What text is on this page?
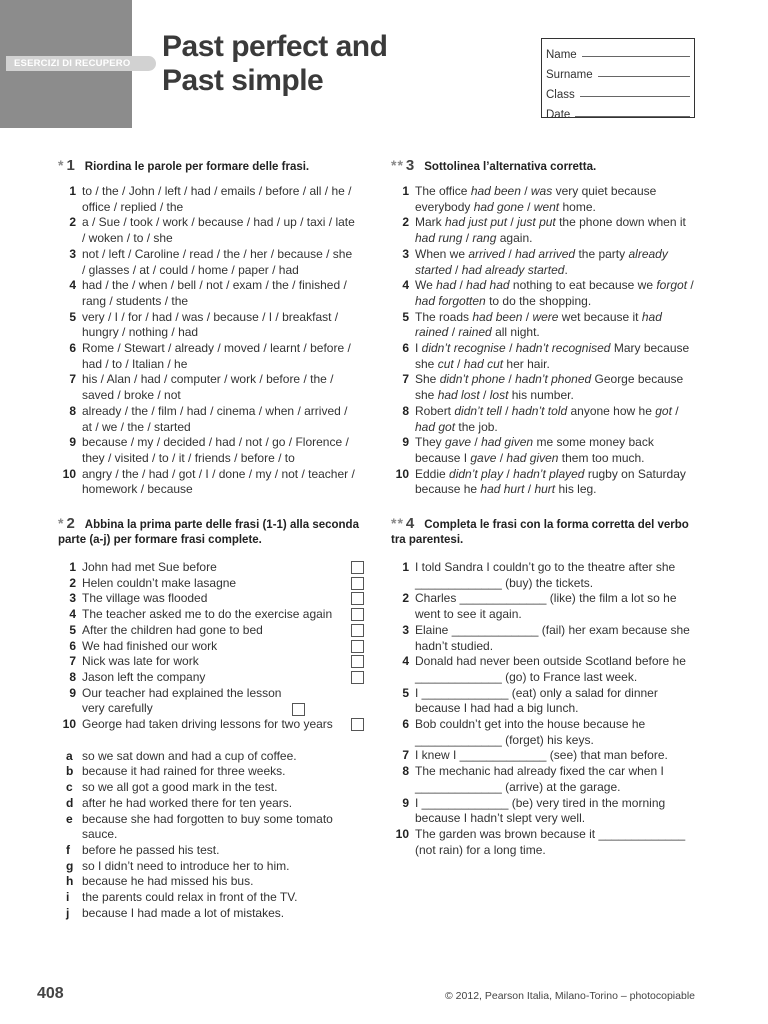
ESERCIZI DI RECUPERO
Past perfect and
Past simple
Name
Surname
Class
Date
* 1 Riordina le parole per formare delle frasi.
1 to / the / John / left / had / emails / before / all / he / office / replied / the
2 a / Sue / took / work / because / had / up / taxi / late / woken / to / she
3 not / left / Caroline / read / the / her / because / she / glasses / at / could / home / paper / had
4 had / the / when / bell / not / exam / the / finished / rang / students / the
5 very / I / for / had / was / because / I / breakfast / hungry / nothing / had
6 Rome / Stewart / already / moved / learnt / before / had / to / Italian / he
7 his / Alan / had / computer / work / before / the / saved / broke / not
8 already / the / film / had / cinema / when / arrived / at / we / the / started
9 because / my / decided / had / not / go / Florence / they / visited / to / it / friends / before / to
10 angry / the / had / got / I / done / my / not / teacher / homework / because
* 2 Abbina la prima parte delle frasi (1-1) alla seconda
parte (a-j) per formare frasi complete.
1 John had met Sue before
2 Helen couldn’t make lasagne
3 The village was flooded
4 The teacher asked me to do the exercise again
5 After the children had gone to bed
6 We had finished our work
7 Nick was late for work
8 Jason left the company
9 Our teacher had explained the lesson very carefully
10 George had taken driving lessons for two years
a so we sat down and had a cup of coffee.
b because it had rained for three weeks.
c so we all got a good mark in the test.
d after he had worked there for ten years.
e because she had forgotten to buy some tomato sauce.
f	before he passed his test.
g so I didn’t need to introduce her to him.
h because he had missed his bus.
i	the parents could relax in front of the TV.
j	because I had made a lot of mistakes.
** 3 Sottolinea l’alternativa corretta.
1 The office had been / was very quiet because everybody had gone / went home.
2 Mark had just put / just put the phone down when it had rung / rang again.
3 When we arrived / had arrived the party already started / had already started.
4 We had / had had nothing to eat because we forgot / had forgotten to do the shopping.
5 The roads had been / were wet because it had rained / rained all night.
6 I didn’t recognise / hadn’t recognised Mary because she cut / had cut her hair.
7 She didn’t phone / hadn’t phoned George because she had lost / lost his number.
8 Robert didn’t tell / hadn’t told anyone how he got / had got the job.
9 They gave / had given me some money back because I gave / had given them too much.
10 Eddie didn’t play / hadn’t played rugby on Saturday because he had hurt / hurt his leg.
** 4 Completa le frasi con la forma corretta del verbo
tra parentesi.
1 I told Sandra I couldn’t go to the theatre after she _____________ (buy) the tickets.
2 Charles _____________ (like) the film a lot so he went to see it again.
3 Elaine _____________ (fail) her exam because she hadn’t studied.
4 Donald had never been outside Scotland before he _____________ (go) to France last week.
5 I _____________ (eat) only a salad for dinner because I had had a big lunch.
6 Bob couldn’t get into the house because he _____________ (forget) his keys.
7 I knew I _____________ (see) that man before.
8 The mechanic had already fixed the car when I _____________ (arrive) at the garage.
9 I _____________ (be) very tired in the morning because I hadn’t slept very well.
10 The garden was brown because it _____________ (not rain) for a long time.
408	© 2012, Pearson Italia, Milano-Torino – photocopiable
